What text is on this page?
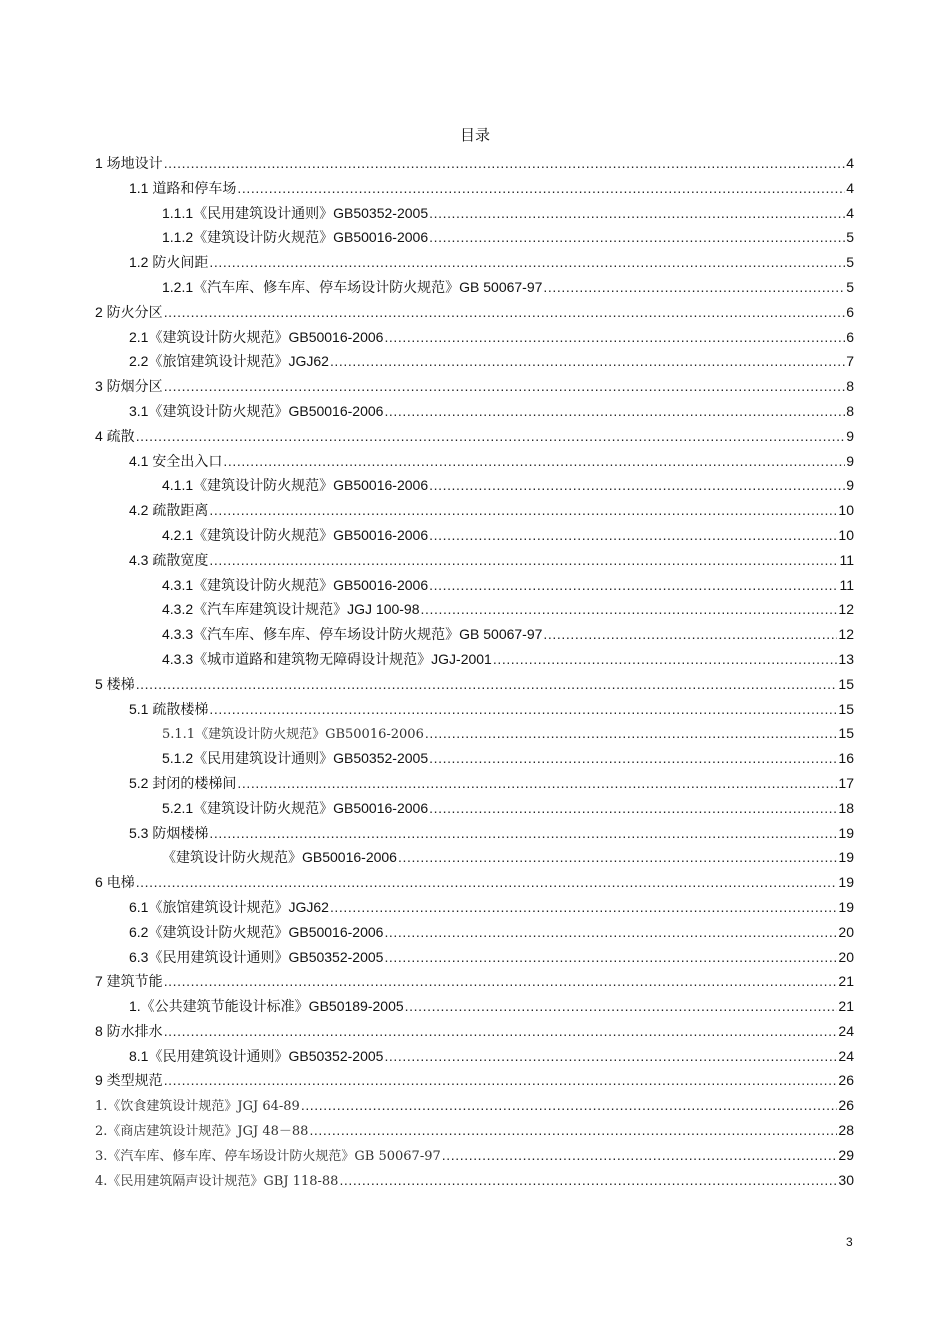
目录
1 场地设计 .....	4
1.1 道路和停车场 .....	4
1.1.1《民用建筑设计通则》GB50352-2005 .....	4
1.1.2《建筑设计防火规范》GB50016-2006 .....	5
1.2 防火间距 .....	5
1.2.1《汽车库、修车库、停车场设计防火规范》GB 50067-97 .....	5
2 防火分区 .....	6
2.1《建筑设计防火规范》GB50016-2006 .....	6
2.2《旅馆建筑设计规范》JGJ62 .....	7
3 防烟分区 .....	8
3.1《建筑设计防火规范》GB50016-2006 .....	8
4 疏散 .....	9
4.1 安全出入口 .....	9
4.1.1《建筑设计防火规范》GB50016-2006 .....	9
4.2 疏散距离 .....	10
4.2.1《建筑设计防火规范》GB50016-2006 .....	10
4.3 疏散宽度 .....	11
4.3.1《建筑设计防火规范》GB50016-2006 .....	11
4.3.2《汽车库建筑设计规范》JGJ 100-98 .....	12
4.3.3《汽车库、修车库、停车场设计防火规范》GB 50067-97 .....	12
4.3.3《城市道路和建筑物无障碍设计规范》JGJ-2001 .....	13
5 楼梯 .....	15
5.1 疏散楼梯 .....	15
5.1.1《建筑设计防火规范》GB50016-2006 .....	15
5.1.2《民用建筑设计通则》GB50352-2005 .....	16
5.2 封闭的楼梯间 .....	17
5.2.1《建筑设计防火规范》GB50016-2006 .....	18
5.3 防烟楼梯 .....	19
《建筑设计防火规范》GB50016-2006 .....	19
6 电梯 .....	19
6.1《旅馆建筑设计规范》JGJ62 .....	19
6.2《建筑设计防火规范》GB50016-2006 .....	20
6.3《民用建筑设计通则》GB50352-2005 .....	20
7 建筑节能 .....	21
1.《公共建筑节能设计标准》GB50189-2005 .....	21
8 防水排水 .....	24
8.1《民用建筑设计通则》GB50352-2005 .....	24
9 类型规范 .....	26
1.《饮食建筑设计规范》JGJ 64-89 .....	26
2.《商店建筑设计规范》JGJ 48－88 .....	28
3.《汽车库、修车库、停车场设计防火规范》GB 50067-97 .....	29
4.《民用建筑隔声设计规范》GBJ 118-88 .....	30
3
